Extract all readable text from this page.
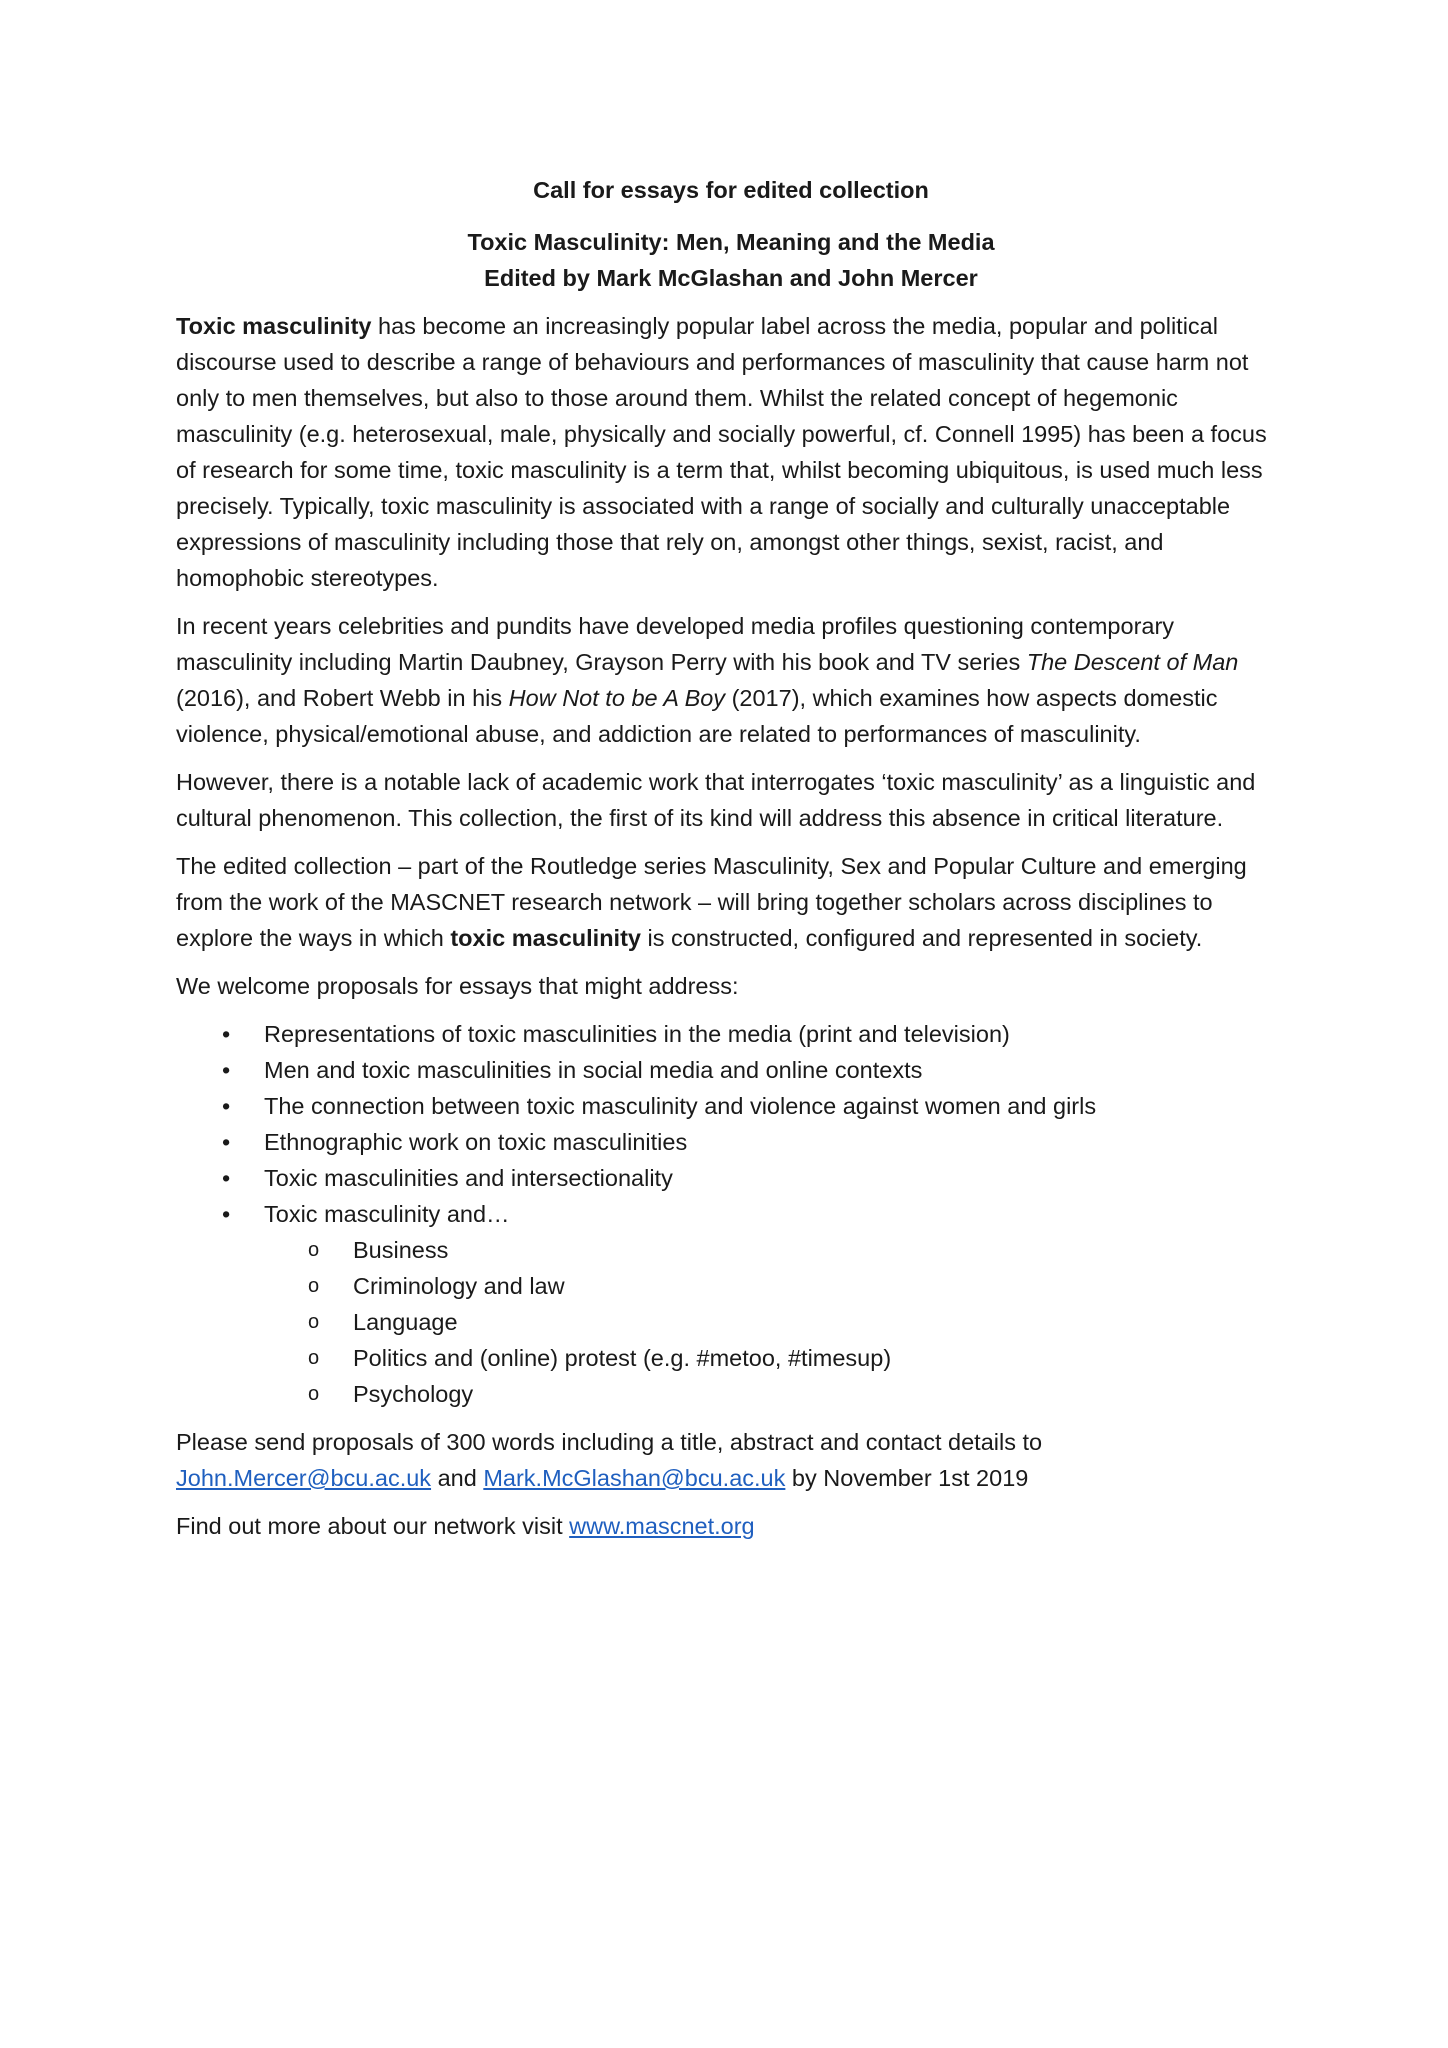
Call for essays for edited collection
Toxic Masculinity: Men, Meaning and the Media
Edited by Mark McGlashan and John Mercer

Toxic masculinity has become an increasingly popular label across the media, popular and political discourse used to describe a range of behaviours and performances of masculinity that cause harm not only to men themselves, but also to those around them. Whilst the related concept of hegemonic masculinity (e.g. heterosexual, male, physically and socially powerful, cf. Connell 1995) has been a focus of research for some time, toxic masculinity is a term that, whilst becoming ubiquitous, is used much less precisely. Typically, toxic masculinity is associated with a range of socially and culturally unacceptable expressions of masculinity including those that rely on, amongst other things, sexist, racist, and homophobic stereotypes.

In recent years celebrities and pundits have developed media profiles questioning contemporary masculinity including Martin Daubney, Grayson Perry with his book and TV series The Descent of Man (2016), and Robert Webb in his How Not to be A Boy (2017), which examines how aspects domestic violence, physical/emotional abuse, and addiction are related to performances of masculinity.

However, there is a notable lack of academic work that interrogates ‘toxic masculinity’ as a linguistic and cultural phenomenon. This collection, the first of its kind will address this absence in critical literature.

The edited collection – part of the Routledge series Masculinity, Sex and Popular Culture and emerging from the work of the MASCNET research network – will bring together scholars across disciplines to explore the ways in which toxic masculinity is constructed, configured and represented in society.

We welcome proposals for essays that might address:

• Representations of toxic masculinities in the media (print and television)
• Men and toxic masculinities in social media and online contexts
• The connection between toxic masculinity and violence against women and girls
• Ethnographic work on toxic masculinities
• Toxic masculinities and intersectionality
• Toxic masculinity and…
o Business
o Criminology and law
o Language
o Politics and (online) protest (e.g. #metoo, #timesup)
o Psychology

Please send proposals of 300 words including a title, abstract and contact details to John.Mercer@bcu.ac.uk and Mark.McGlashan@bcu.ac.uk by November 1st 2019

Find out more about our network visit www.mascnet.org
